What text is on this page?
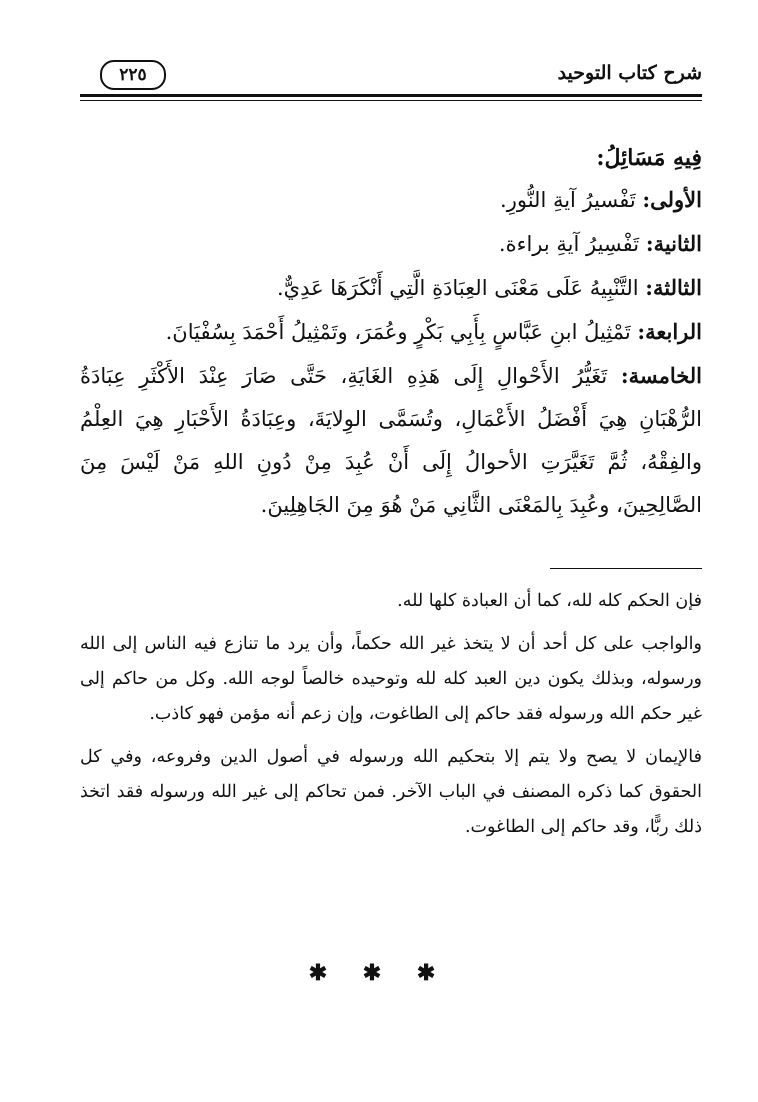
شرح كتاب التوحيد
٢٢٥

فِيهِ مَسَائِلُ:

الأولى: تَفْسيرُ آيةِ النُّورِ.

الثانية: تَفْسِيرُ آيةِ براءة.

الثالثة: التَّنْبِيهُ عَلَى مَعْنَى العِبَادَةِ الَّتِي أَنْكَرَهَا عَدِيٌّ.

الرابعة: تَمْثِيلُ ابنِ عَبَّاسٍ بِأَبِي بَكْرٍ وعُمَرَ، وتَمْثِيلُ أَحْمَدَ بِسُفْيَانَ.

الخامسة: تَغَيُّرُ الأَحْوالِ إِلَى هَذِهِ الغَايَةِ، حَتَّى صَارَ عِنْدَ الأَكْثَرِ عِبَادَةُ الرُّهْبَانِ هِيَ أَفْضَلُ الأَعْمَالِ، وتُسَمَّى الوِلايَةَ، وعِبَادَةُ الأَحْبَارِ هِيَ العِلْمُ والفِقْهُ، ثُمَّ تَغَيَّرَتِ الأحوالُ إِلَى أَنْ عُبِدَ مِنْ دُونِ اللهِ مَنْ لَيْسَ مِنَ الصَّالِحِينَ، وعُبِدَ بِالمَعْنَى الثَّانِي مَنْ هُوَ مِنَ الجَاهِلِينَ.

فإن الحكم كله لله، كما أن العبادة كلها لله.

والواجب على كل أحد أن لا يتخذ غير الله حكماً، وأن يرد ما تنازع فيه الناس إلى الله ورسوله، وبذلك يكون دين العبد كله لله وتوحيده خالصاً لوجه الله. وكل من حاكم إلى غير حكم الله ورسوله فقد حاكم إلى الطاغوت، وإن زعم أنه مؤمن فهو كاذب.

فالإيمان لا يصح ولا يتم إلا بتحكيم الله ورسوله في أصول الدين وفروعه، وفي كل الحقوق كما ذكره المصنف في الباب الآخر. فمن تحاكم إلى غير الله ورسوله فقد اتخذ ذلك ربًّا، وقد حاكم إلى الطاغوت.

✱ ✱ ✱
